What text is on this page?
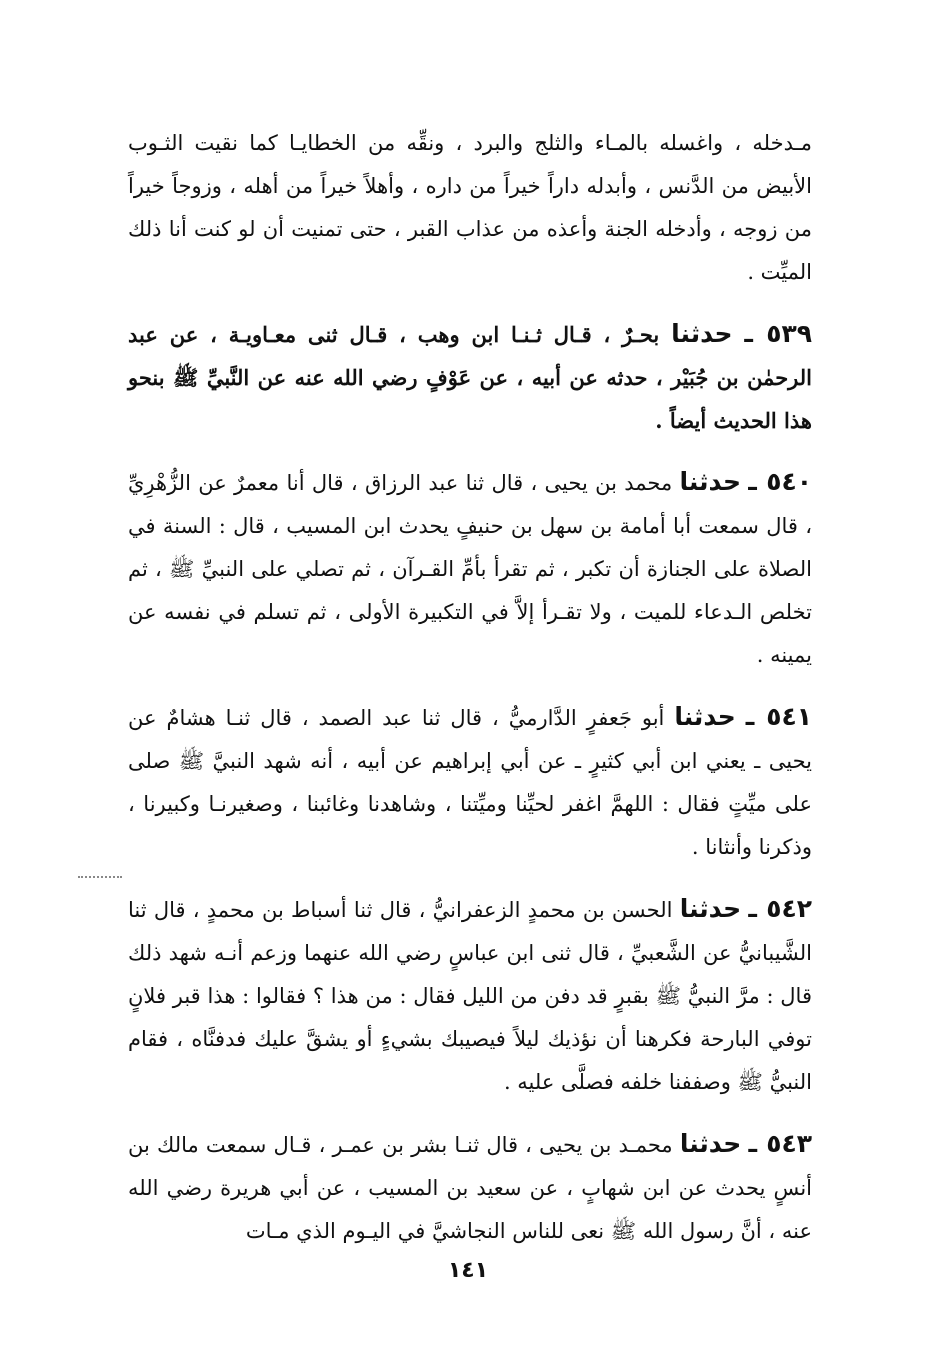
مـدخله ، واغسله بالمـاء والثلج والبرد ، ونقِّه من الخطايـا كما نقيت الثـوب الأبيض من الدَّنس ، وأبدله داراً خيراً من داره ، وأهلاً خيراً من أهله ، وزوجاً خيراً من زوجه ، وأدخله الجنة وأعذه من عذاب القبر ، حتى تمنيت أن لو كنت أنا ذلك الميِّت .

٥٣٩ ـ حدثنا بحـرٌ ، قـال ثـنـا ابن وهب ، قـال ثنى معـاويـة ، عن عبد الرحمٰن بن جُبَيْر ، حدثه عن أبيه ، عن عَوْفٍ رضي الله عنه عن النَّبيِّ ﷺ بنحو هذا الحديث أيضاً .

٥٤٠ ـ حدثنا محمد بن يحيى ، قال ثنا عبد الرزاق ، قال أنا معمرٌ عن الزُّهْرِيِّ ، قال سمعت أبا أمامة بن سهل بن حنيفٍ يحدث ابن المسيب ، قال : السنة في الصلاة على الجنازة أن تكبر ، ثم تقرأ بأمِّ القـرآن ، ثم تصلي على النبيِّ ﷺ ، ثم تخلص الـدعاء للميت ، ولا تقـرأ إلاَّ في التكبيرة الأولى ، ثم تسلم في نفسه عن يمينه .

٥٤١ ـ حدثنا أبو جَعفرٍ الدَّارميُّ ، قال ثنا عبد الصمد ، قال ثنـا هشامٌ عن يحيى ـ يعني ابن أبي كثيرٍ ـ عن أبي إبراهيم عن أبيه ، أنه شهد النبيَّ ﷺ صلى على ميِّتٍ فقال : اللهمَّ اغفر لحيِّنا وميِّتنا ، وشاهدنا وغائبنا ، وصغيرنـا وكبيرنا ، وذكرنا وأنثانا .

٥٤٢ ـ حدثنا الحسن بن محمدٍ الزعفرانيُّ ، قال ثنا أسباط بن محمدٍ ، قال ثنا الشَّيبانيُّ عن الشَّعبيِّ ، قال ثنى ابن عباسٍ رضي الله عنهما وزعم أنـه شهد ذلك قال : مرَّ النبيُّ ﷺ بقبرٍ قد دفن من الليل فقال : من هذا ؟ فقالوا : هذا قبر فلانٍ توفي البارحة فكرهنا أن نؤذيك ليلاً فيصيبك بشيءٍ أو يشقَّ عليك فدفنَّاه ، فقام النبيُّ ﷺ وصففنا خلفه فصلَّى عليه .

٥٤٣ ـ حدثنا محمـد بن يحيى ، قال ثنـا بشر بن عمـر ، قـال سمعت مالك بن أنسٍ يحدث عن ابن شهابٍ ، عن سعيد بن المسيب ، عن أبي هريرة رضي الله عنه ، أنَّ رسول الله ﷺ نعى للناس النجاشيَّ في اليـوم الذي مـات

١٤١
